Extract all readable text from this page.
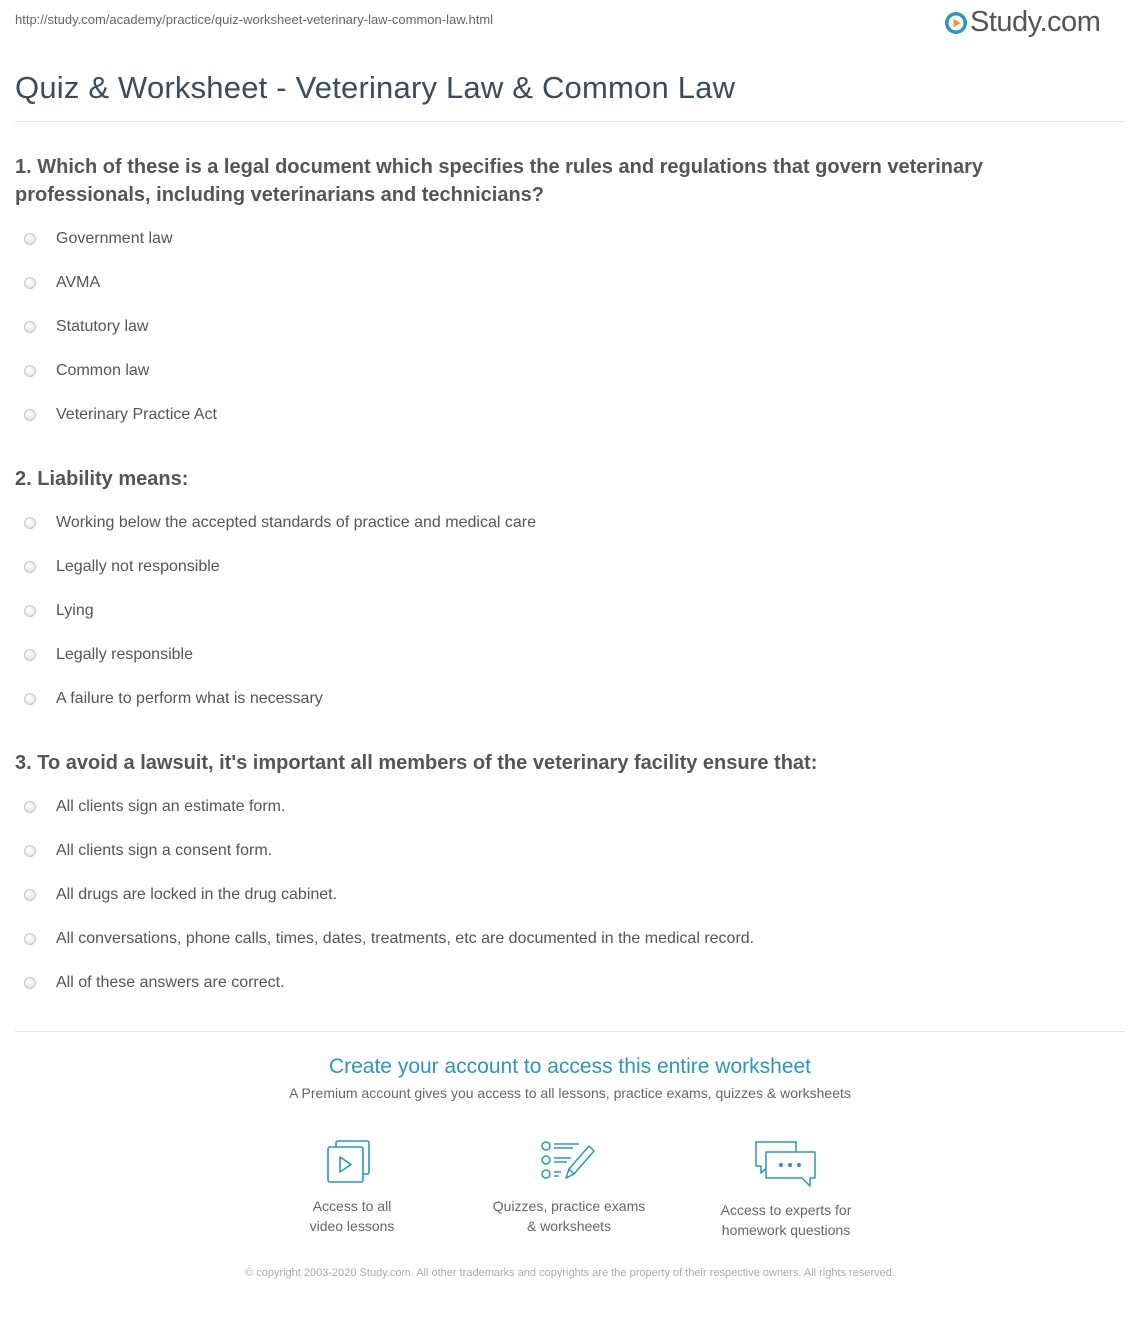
http://study.com/academy/practice/quiz-worksheet-veterinary-law-common-law.html	Study.com
Quiz & Worksheet - Veterinary Law & Common Law

1. Which of these is a legal document which specifies the rules and regulations that govern veterinary professionals, including veterinarians and technicians?

Government law
AVMA
Statutory law
Common law
Veterinary Practice Act

2. Liability means:

Working below the accepted standards of practice and medical care
Legally not responsible
Lying
Legally responsible
A failure to perform what is necessary

3. To avoid a lawsuit, it's important all members of the veterinary facility ensure that:

All clients sign an estimate form.
All clients sign a consent form.
All drugs are locked in the drug cabinet.
All conversations, phone calls, times, dates, treatments, etc are documented in the medical record.
All of these answers are correct.

Create your account to access this entire worksheet

A Premium account gives you access to all lessons, practice exams, quizzes & worksheets

Access to all
video lessons
Quizzes, practice exams
& worksheets
Access to experts for
homework questions
© copyright 2003-2020 Study.com. All other trademarks and copyrights are the property of their respective owners. All rights reserved.
